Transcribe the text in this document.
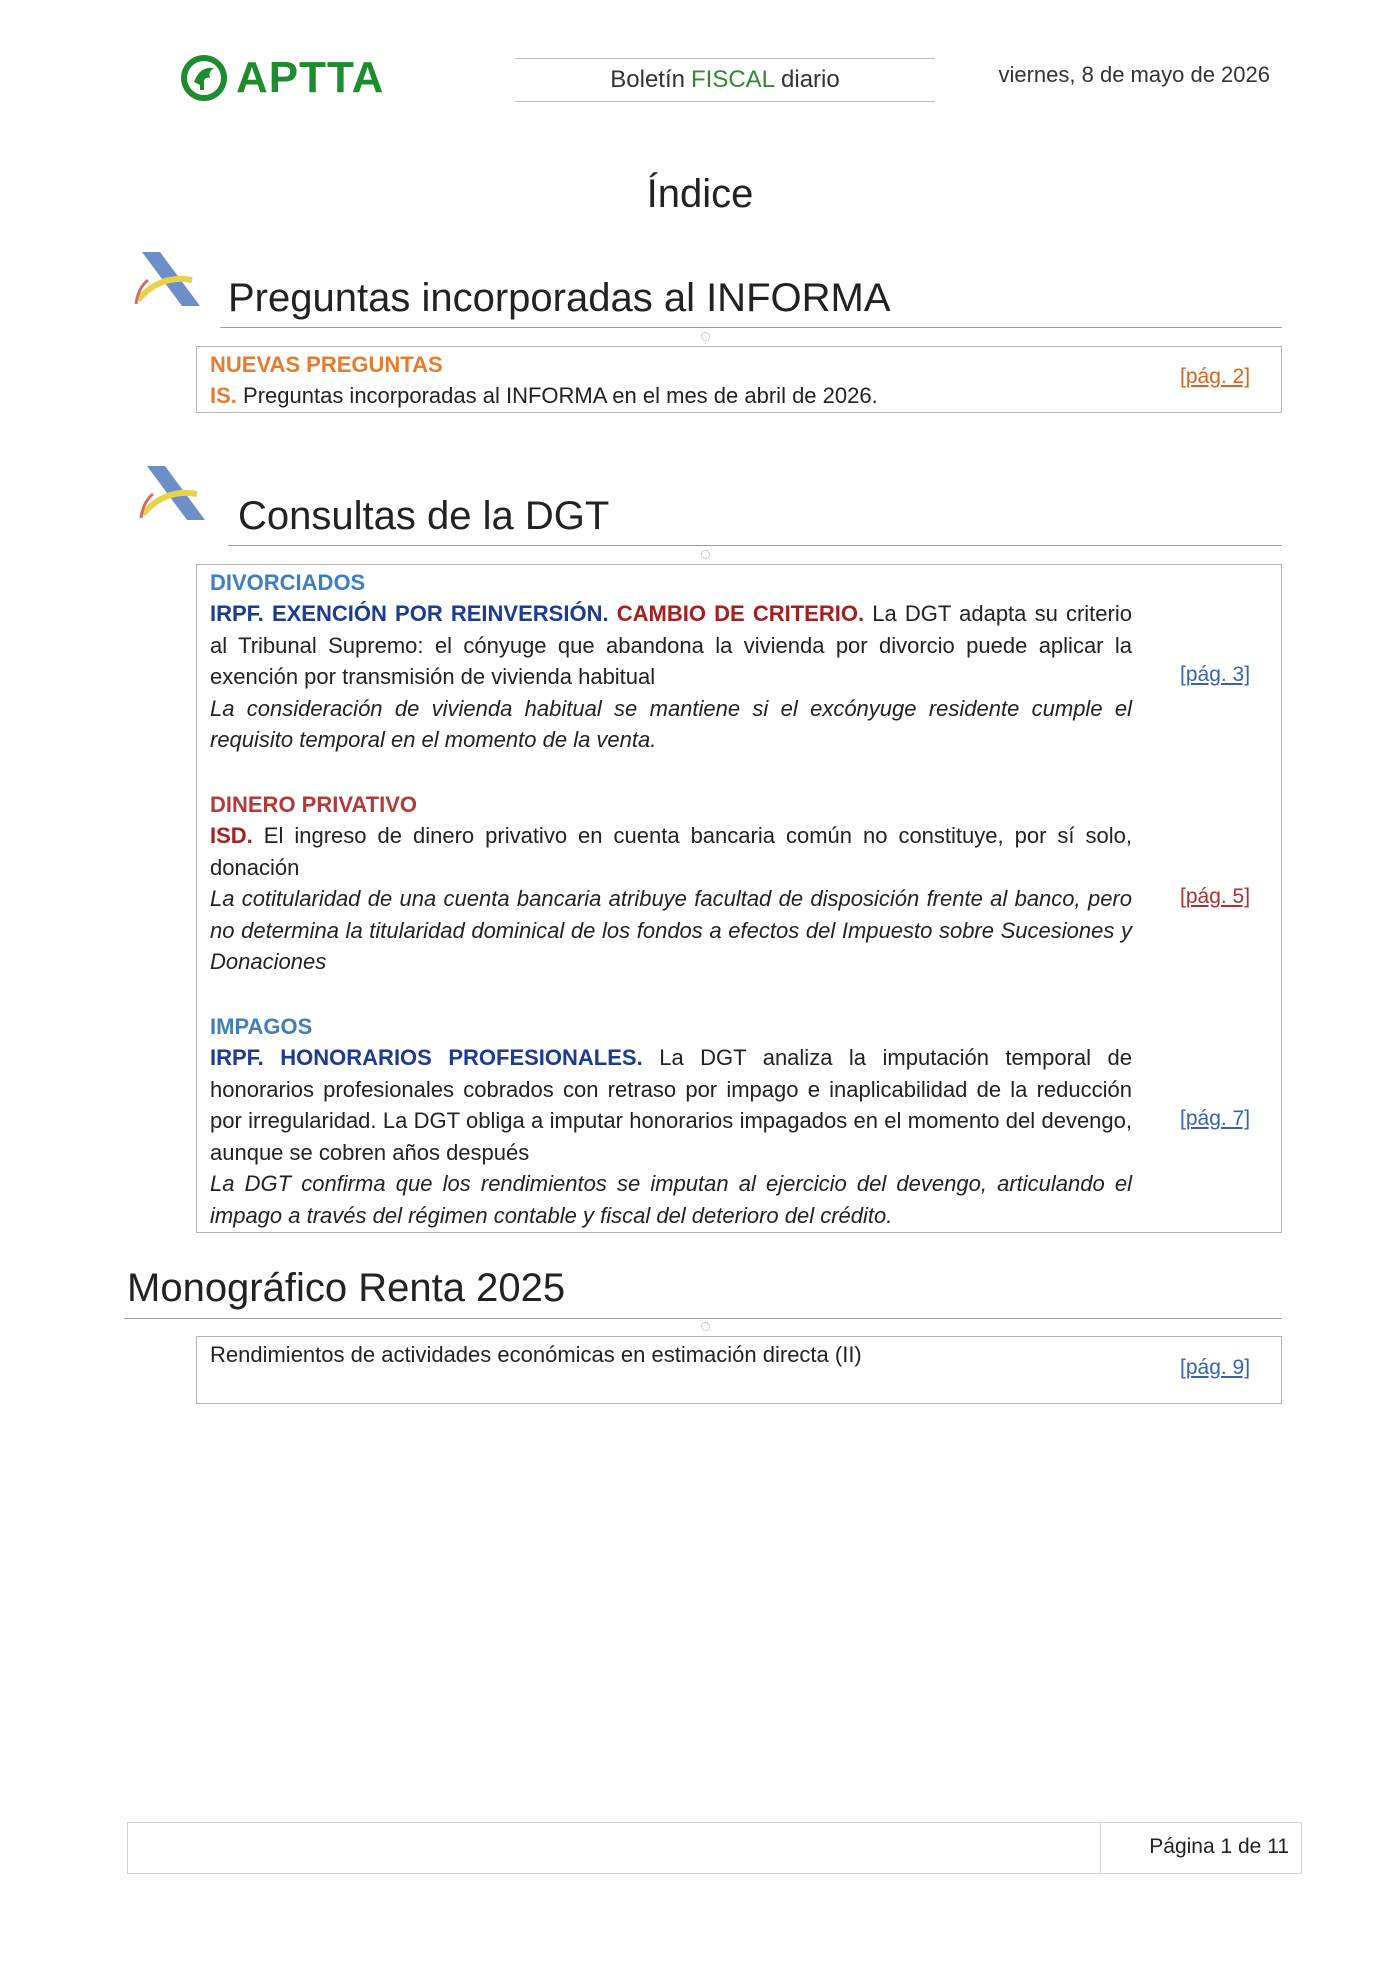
APTTA	Boletín FISCAL diario	viernes, 8 de mayo de 2026
Índice
Preguntas incorporadas al INFORMA
NUEVAS PREGUNTAS
IS. Preguntas incorporadas al INFORMA en el mes de abril de 2026.
[pág. 2]
Consultas de la DGT
DIVORCIADOS
IRPF. EXENCIÓN POR REINVERSIÓN. CAMBIO DE CRITERIO. La DGT adapta su criterio al Tribunal Supremo: el cónyuge que abandona la vivienda por divorcio puede aplicar la exención por transmisión de vivienda habitual
La consideración de vivienda habitual se mantiene si el excónyuge residente cumple el requisito temporal en el momento de la venta.
[pág. 3]
DINERO PRIVATIVO
ISD. El ingreso de dinero privativo en cuenta bancaria común no constituye, por sí solo, donación
La cotitularidad de una cuenta bancaria atribuye facultad de disposición frente al banco, pero no determina la titularidad dominical de los fondos a efectos del Impuesto sobre Sucesiones y Donaciones
[pág. 5]
IMPAGOS
IRPF. HONORARIOS PROFESIONALES. La DGT analiza la imputación temporal de honorarios profesionales cobrados con retraso por impago e inaplicabilidad de la reducción por irregularidad. La DGT obliga a imputar honorarios impagados en el momento del devengo, aunque se cobren años después
La DGT confirma que los rendimientos se imputan al ejercicio del devengo, articulando el impago a través del régimen contable y fiscal del deterioro del crédito.
[pág. 7]
Monográfico Renta 2025
Rendimientos de actividades económicas en estimación directa (II)
[pág. 9]
Página 1 de 11
